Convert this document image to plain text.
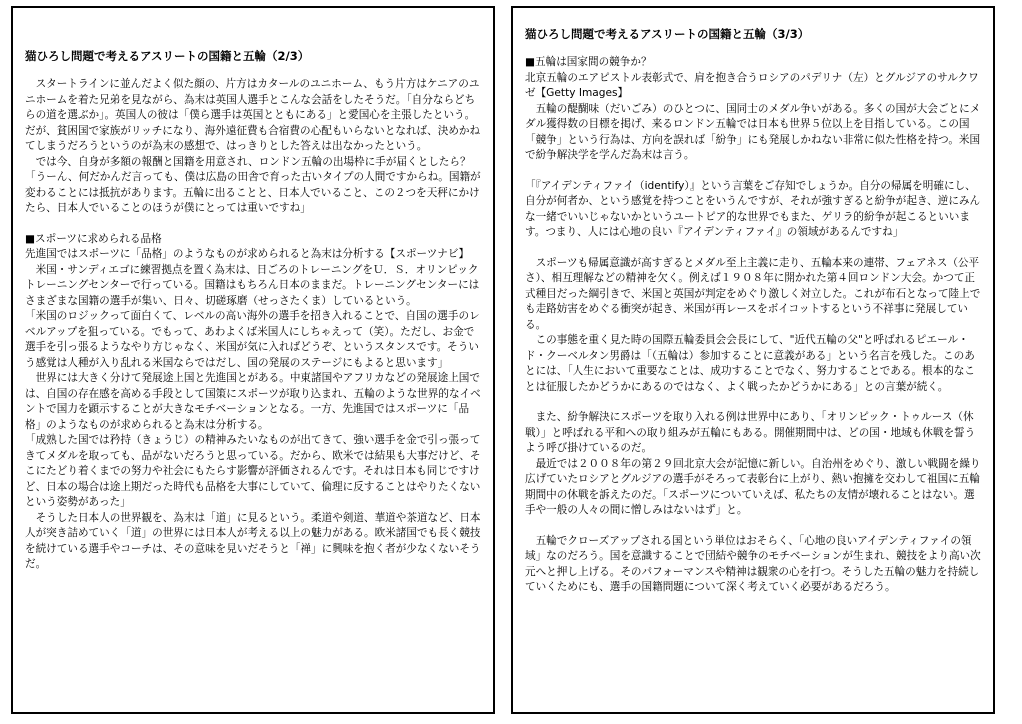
猫ひろし問題で考えるアスリートの国籍と五輪（2/3）

　スタートラインに並んだよく似た顔の、片方はカタールのユニホーム、もう片方はケニアのユニホームを着た兄弟を見ながら、為末は英国人選手とこんな会話をしたそうだ。「自分ならどちらの道を選ぶか」。英国人の彼は「僕ら選手は英国とともにある」と愛国心を主張したという。だが、貧困国で家族がリッチになり、海外遠征費も合宿費の心配もいらないとなれば、決めかねてしまうだろうというのが為末の感想で、はっきりとした答えは出なかったという。
　では今、自身が多額の報酬と国籍を用意され、ロンドン五輪の出場枠に手が届くとしたら？
「うーん、何だかんだ言っても、僕は広島の田舎で育った古いタイプの人間ですからね。国籍が変わることには抵抗があります。五輪に出ることと、日本人でいること、この２つを天秤にかけたら、日本人でいることのほうが僕にとっては重いですね」

■スポーツに求められる品格
先進国ではスポーツに「品格」のようなものが求められると為末は分析する【スポーツナビ】
　米国・サンディエゴに練習拠点を置く為末は、日ごろのトレーニングをＵ．Ｓ．オリンピックトレーニングセンターで行っている。国籍はもちろん日本のままだ。トレーニングセンターにはさまざまな国籍の選手が集い、日々、切磋琢磨（せっさたくま）しているという。
「米国のロジックって面白くて、レベルの高い海外の選手を招き入れることで、自国の選手のレベルアップを狙っている。でもって、あわよくば米国人にしちゃえって（笑）。ただし、お金で選手を引っ張るようなやり方じゃなく、米国が気に入ればどうぞ、というスタンスです。そういう感覚は人種が入り乱れる米国ならではだし、国の発展のステージにもよると思います」
　世界には大きく分けて発展途上国と先進国とがある。中東諸国やアフリカなどの発展途上国では、自国の存在感を高める手段として国策にスポーツが取り込まれ、五輪のような世界的なイベントで国力を顕示することが大きなモチベーションとなる。一方、先進国ではスポーツに「品格」のようなものが求められると為末は分析する。
「成熟した国では矜持（きょうじ）の精神みたいなものが出てきて、強い選手を金で引っ張ってきてメダルを取っても、品がないだろうと思っている。だから、欧米では結果も大事だけど、そこにたどり着くまでの努力や社会にもたらす影響が評価されるんです。それは日本も同じですけど、日本の場合は途上期だった時代も品格を大事にしていて、倫理に反することはやりたくないという姿勢があった」
　そうした日本人の世界観を、為末は「道」に見るという。柔道や剣道、華道や茶道など、日本人が突き詰めていく「道」の世界には日本人が考える以上の魅力がある。欧米諸国でも長く競技を続けている選手やコーチは、その意味を見いだそうと「禅」に興味を抱く者が少なくないそうだ。

猫ひろし問題で考えるアスリートの国籍と五輪（3/3）

■五輪は国家間の競争か？
北京五輪のエアピストル表彰式で、肩を抱き合うロシアのパデリナ（左）とグルジアのサルクワゼ【Getty Images】
　五輪の醍醐味（だいごみ）のひとつに、国同士のメダル争いがある。多くの国が大会ごとにメダル獲得数の目標を掲げ、来るロンドン五輪では日本も世界５位以上を目指している。この国「競争」という行為は、方向を誤れば「紛争」にも発展しかねない非常に似た性格を持つ。米国で紛争解決学を学んだ為末は言う。

「『アイデンティファイ（identify）』という言葉をご存知でしょうか。自分の帰属を明確にし、自分が何者か、という感覚を持つことをいうんですが、それが強すぎると紛争が起き、逆にみんな一緒でいいじゃないかというユートピア的な世界でもまた、ゲリラ的紛争が起こるといいます。つまり、人には心地の良い『アイデンティファイ』の領域があるんですね」

　スポーツも帰属意識が高すぎるとメダル至上主義に走り、五輪本来の連帯、フェアネス（公平さ）、相互理解などの精神を欠く。例えば１９０８年に開かれた第４回ロンドン大会。かつて正式種目だった綱引きで、米国と英国が判定をめぐり激しく対立した。これが布石となって陸上でも走路妨害をめぐる衝突が起き、米国が再レースをボイコットするという不祥事に発展している。
　この事態を重く見た時の国際五輪委員会会長にして、"近代五輪の父"と呼ばれるピエール・ド・クーベルタン男爵は「（五輪は）参加することに意義がある」という名言を残した。このあとには、「人生において重要なことは、成功することでなく、努力することである。根本的なことは征服したかどうかにあるのではなく、よく戦ったかどうかにある」との言葉が続く。

　また、紛争解決にスポーツを取り入れる例は世界中にあり、「オリンピック・トゥルース（休戦）」と呼ばれる平和への取り組みが五輪にもある。開催期間中は、どの国・地域も休戦を誓うよう呼び掛けているのだ。
　最近では２００８年の第２９回北京大会が記憶に新しい。自治州をめぐり、激しい戦闘を繰り広げていたロシアとグルジアの選手がそろって表彰台に上がり、熱い抱擁を交わして祖国に五輪期間中の休戦を訴えたのだ。「スポーツについていえば、私たちの友情が壊れることはない。選手や一般の人々の間に憎しみはないはず」と。

　五輪でクローズアップされる国という単位はおそらく、「心地の良いアイデンティファイの領域」なのだろう。国を意識することで団結や競争のモチベーションが生まれ、競技をより高い次元へと押し上げる。そのパフォーマンスや精神は観衆の心を打つ。そうした五輪の魅力を持続していくためにも、選手の国籍問題について深く考えていく必要があるだろう。
